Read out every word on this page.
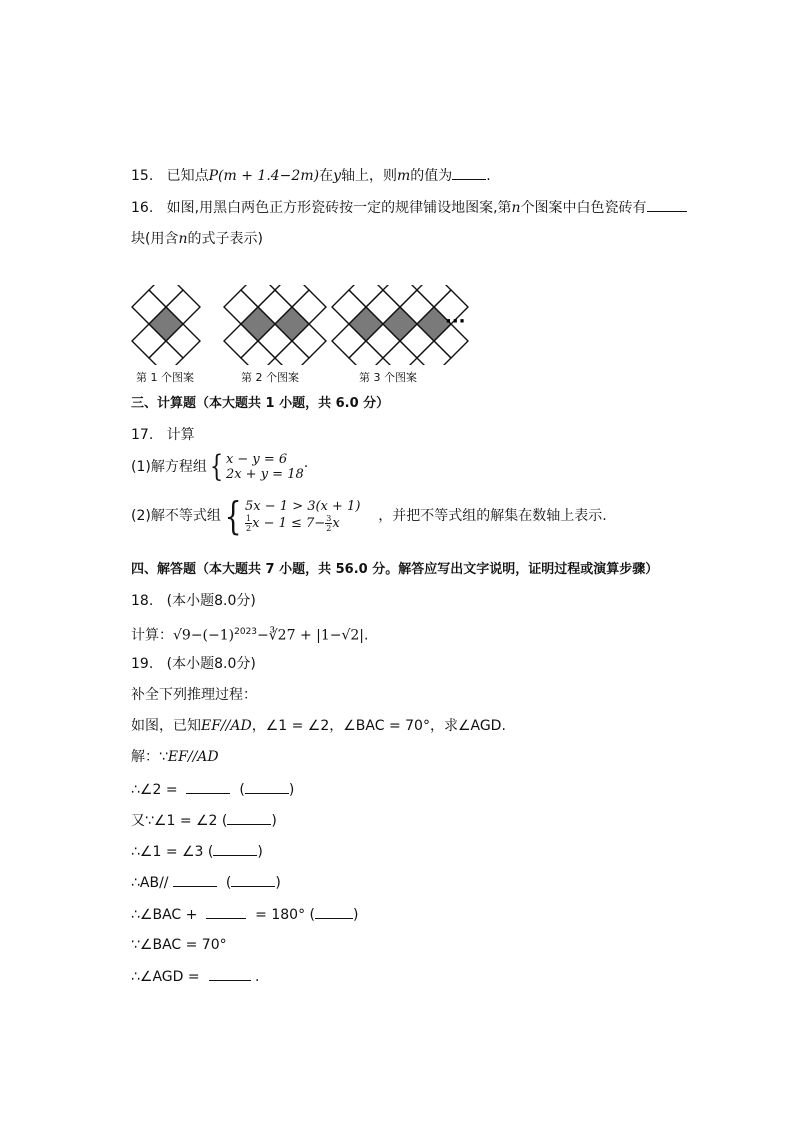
15. 已知点P(m + 1.4−2m)在y轴上，则m的值为 .
16. 如图,用黑白两色正方形瓷砖按一定的规律铺设地图案,第n个图案中白色瓷砖有
块(用含n的式子表示)
···
第 1 个图案	第 2 个图案	第 3 个图案
三、计算题（本大题共 1 小题，共 6.0 分）
17. 计算
(1)解方程组{ x − y = 6
2x + y = 18·
(2)解不等式组{ 5x − 1 > 3(x + 1)

$\frac{1}{2}$ $x - 1 \le 7- \frac{3}{2}$ x	，并把不等式组的解集在数轴上表示.
四、解答题（本大题共 7 小题，共 56.0 分。解答应写出文字说明，证明过程或演算步骤）
18. (本小题8.0分)
计算：$√9-(-1)^{2023}-∛27 + |1-√2|$.
19. (本小题8.0分)
补全下列推理过程：
如图，已知EF//AD，∠1 = ∠2，∠BAC = 70°，求∠AGD.
解：∵EF//AD
∴∠2 =	(	)
又∵∠1 = ∠2 (	)
∴∠1 = ∠3 (	)
∴AB//	(	)
∴∠BAC +	= 180° (	)
∵∠BAC = 70°
∴∠AGD =	.
